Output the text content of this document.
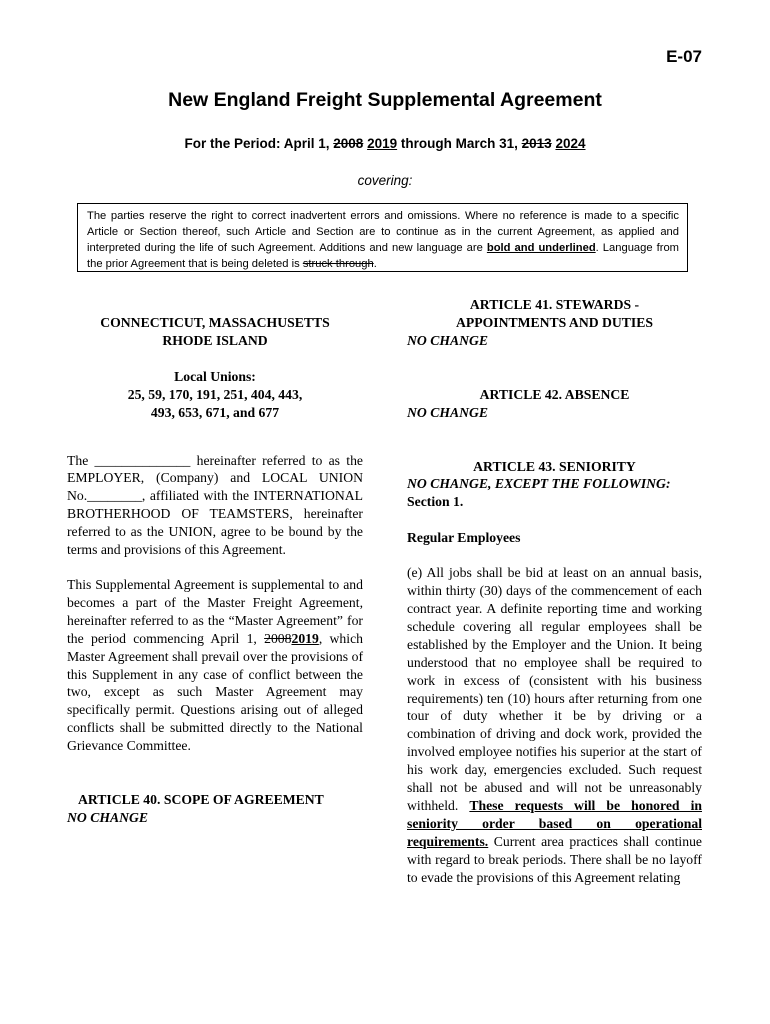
E-07
New England Freight Supplemental Agreement
For the Period: April 1, 2008 2019 through March 31, 2013 2024
covering:
The parties reserve the right to correct inadvertent errors and omissions. Where no reference is made to a specific Article or Section thereof, such Article and Section are to continue as in the current Agreement, as applied and interpreted during the life of such Agreement. Additions and new language are bold and underlined. Language from the prior Agreement that is being deleted is struck through.
CONNECTICUT, MASSACHUSETTS
RHODE ISLAND
Local Unions:
25, 59, 170, 191, 251, 404, 443,
493, 653, 671, and 677

The ______________ hereinafter referred to as the EMPLOYER, (Company) and LOCAL UNION No.________, affiliated with the INTERNATIONAL BROTHERHOOD OF TEAMSTERS, hereinafter referred to as the UNION, agree to be bound by the terms and provisions of this Agreement.

This Supplemental Agreement is supplemental to and becomes a part of the Master Freight Agreement, hereinafter referred to as the “Master Agreement” for the period commencing April 1, 20082019, which Master Agreement shall prevail over the provisions of this Supplement in any case of conflict between the two, except as such Master Agreement may specifically permit. Questions arising out of alleged conflicts shall be submitted directly to the National Grievance Committee.

ARTICLE 40. SCOPE OF AGREEMENT
NO CHANGE
ARTICLE 41. STEWARDS -
APPOINTMENTS AND DUTIES
NO CHANGE
ARTICLE 42. ABSENCE
NO CHANGE
ARTICLE 43. SENIORITY
NO CHANGE, EXCEPT THE FOLLOWING:
Section 1.
Regular Employees

(e) All jobs shall be bid at least on an annual basis, within thirty (30) days of the commencement of each contract year. A definite reporting time and working schedule covering all regular employees shall be established by the Employer and the Union. It being understood that no employee shall be required to work in excess of (consistent with his business requirements) ten (10) hours after returning from one tour of duty whether it be by driving or a combination of driving and dock work, provided the involved employee notifies his superior at the start of his work day, emergencies excluded. Such request shall not be abused and will not be unreasonably withheld. These requests will be honored in seniority order based on operational requirements. Current area practices shall continue with regard to break periods. There shall be no layoff to evade the provisions of this Agreement relating
